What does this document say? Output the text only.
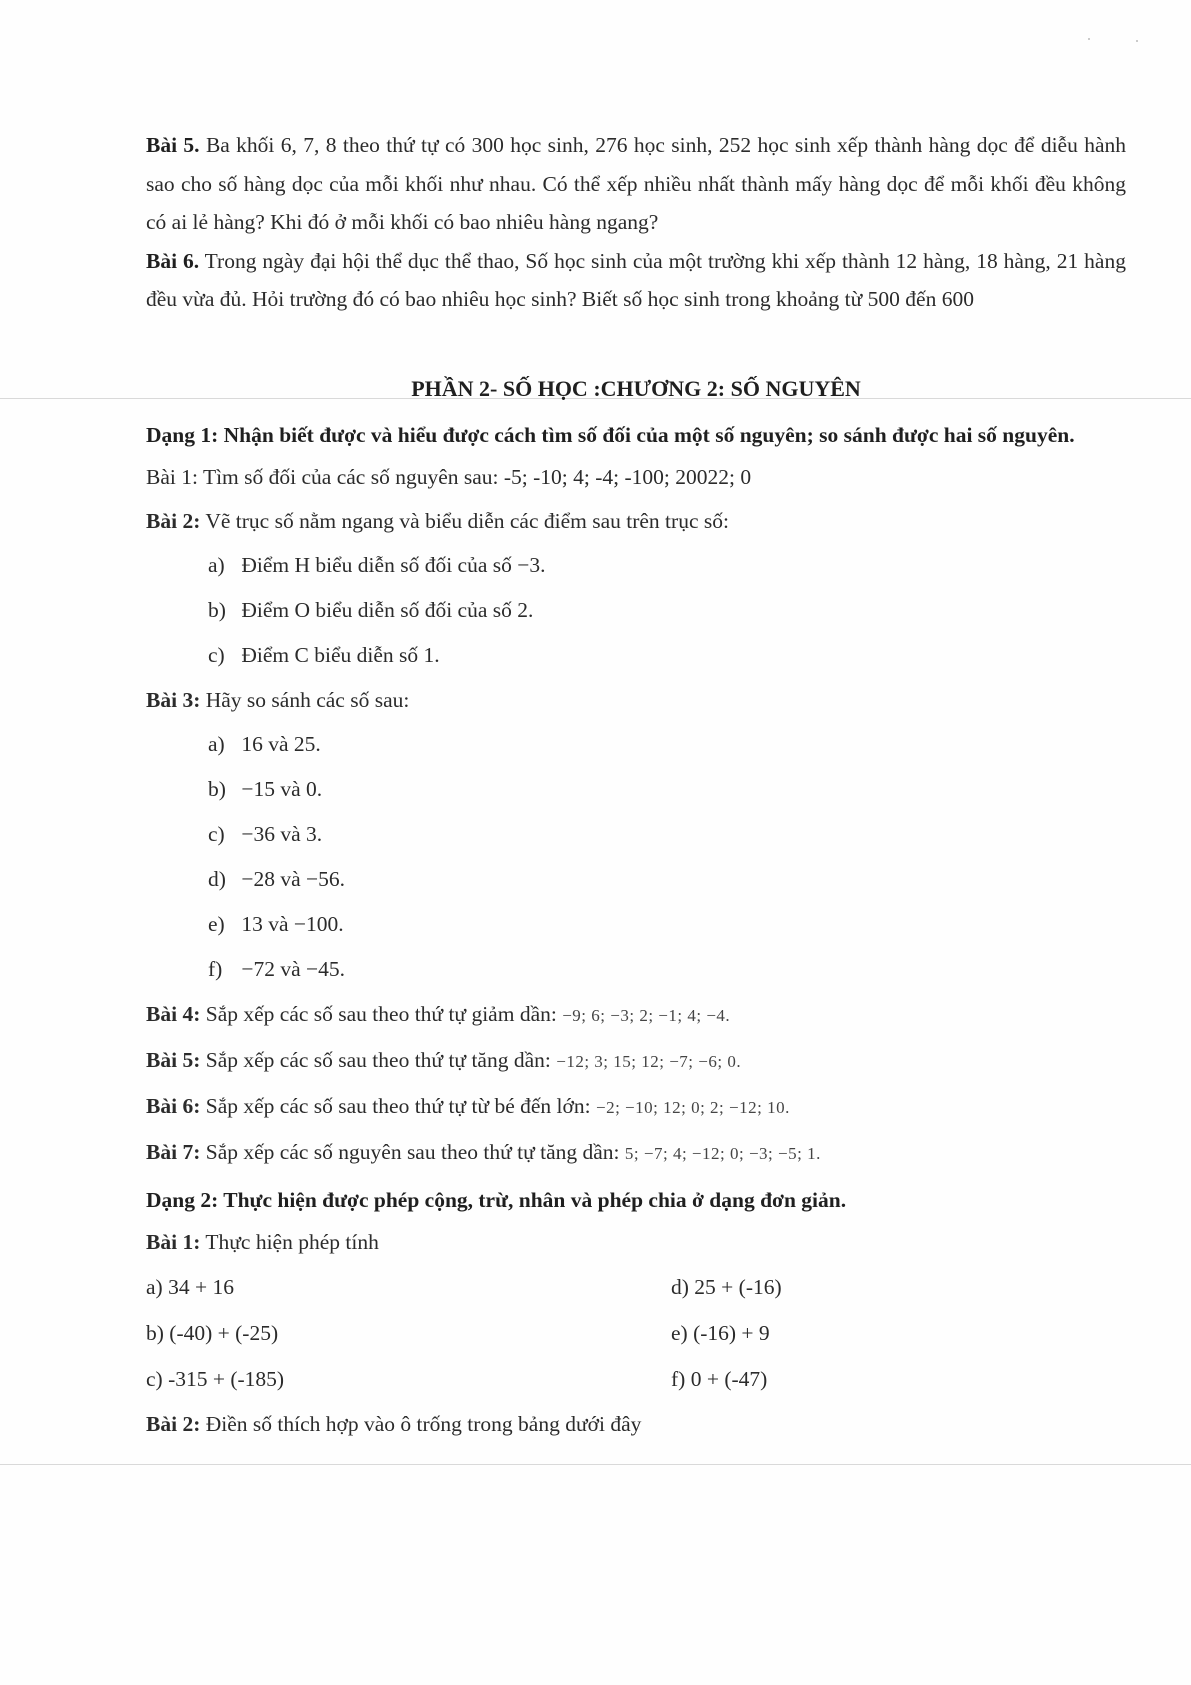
Bài 5. Ba khối 6, 7, 8 theo thứ tự có 300 học sinh, 276 học sinh, 252 học sinh xếp thành hàng dọc để diễu hành sao cho số hàng dọc của mỗi khối như nhau. Có thể xếp nhiều nhất thành mấy hàng dọc để mỗi khối đều không có ai lẻ hàng? Khi đó ở mỗi khối có bao nhiêu hàng ngang?

Bài 6. Trong ngày đại hội thể dục thể thao, Số học sinh của một trường khi xếp thành 12 hàng, 18 hàng, 21 hàng đều vừa đủ. Hỏi trường đó có bao nhiêu học sinh? Biết số học sinh trong khoảng từ 500 đến 600

PHẦN 2- SỐ HỌC :CHƯƠNG 2: SỐ NGUYÊN

Dạng 1: Nhận biết được và hiểu được cách tìm số đối của một số nguyên; so sánh được hai số nguyên.

Bài 1: Tìm số đối của các số nguyên sau: -5; -10; 4; -4; -100; 20022; 0

Bài 2: Vẽ trục số nằm ngang và biểu diễn các điểm sau trên trục số:

a) Điểm H biểu diễn số đối của số −3.

b) Điểm O biểu diễn số đối của số 2.

c) Điểm C biểu diễn số 1.

Bài 3: Hãy so sánh các số sau:

a) 16 và 25.

b) −15 và 0.

c) −36 và 3.

d) −28 và −56.

e) 13 và −100.

f) −72 và −45.

Bài 4: Sắp xếp các số sau theo thứ tự giảm dần: −9; 6; −3; 2; −1; 4; −4.

Bài 5: Sắp xếp các số sau theo thứ tự tăng dần: −12; 3; 15; 12; −7; −6; 0.

Bài 6: Sắp xếp các số sau theo thứ tự từ bé đến lớn: −2; −10; 12; 0; 2; −12; 10.

Bài 7: Sắp xếp các số nguyên sau theo thứ tự tăng dần: 5; −7; 4; −12; 0; −3; −5; 1.

Dạng 2: Thực hiện được phép cộng, trừ, nhân và phép chia ở dạng đơn giản.

Bài 1: Thực hiện phép tính

a) 34 + 16	d) 25 + (-16)
b) (-40) + (-25)	e) (-16) + 9
c) -315 + (-185)	f) 0 + (-47)

Bài 2: Điền số thích hợp vào ô trống trong bảng dưới đây
